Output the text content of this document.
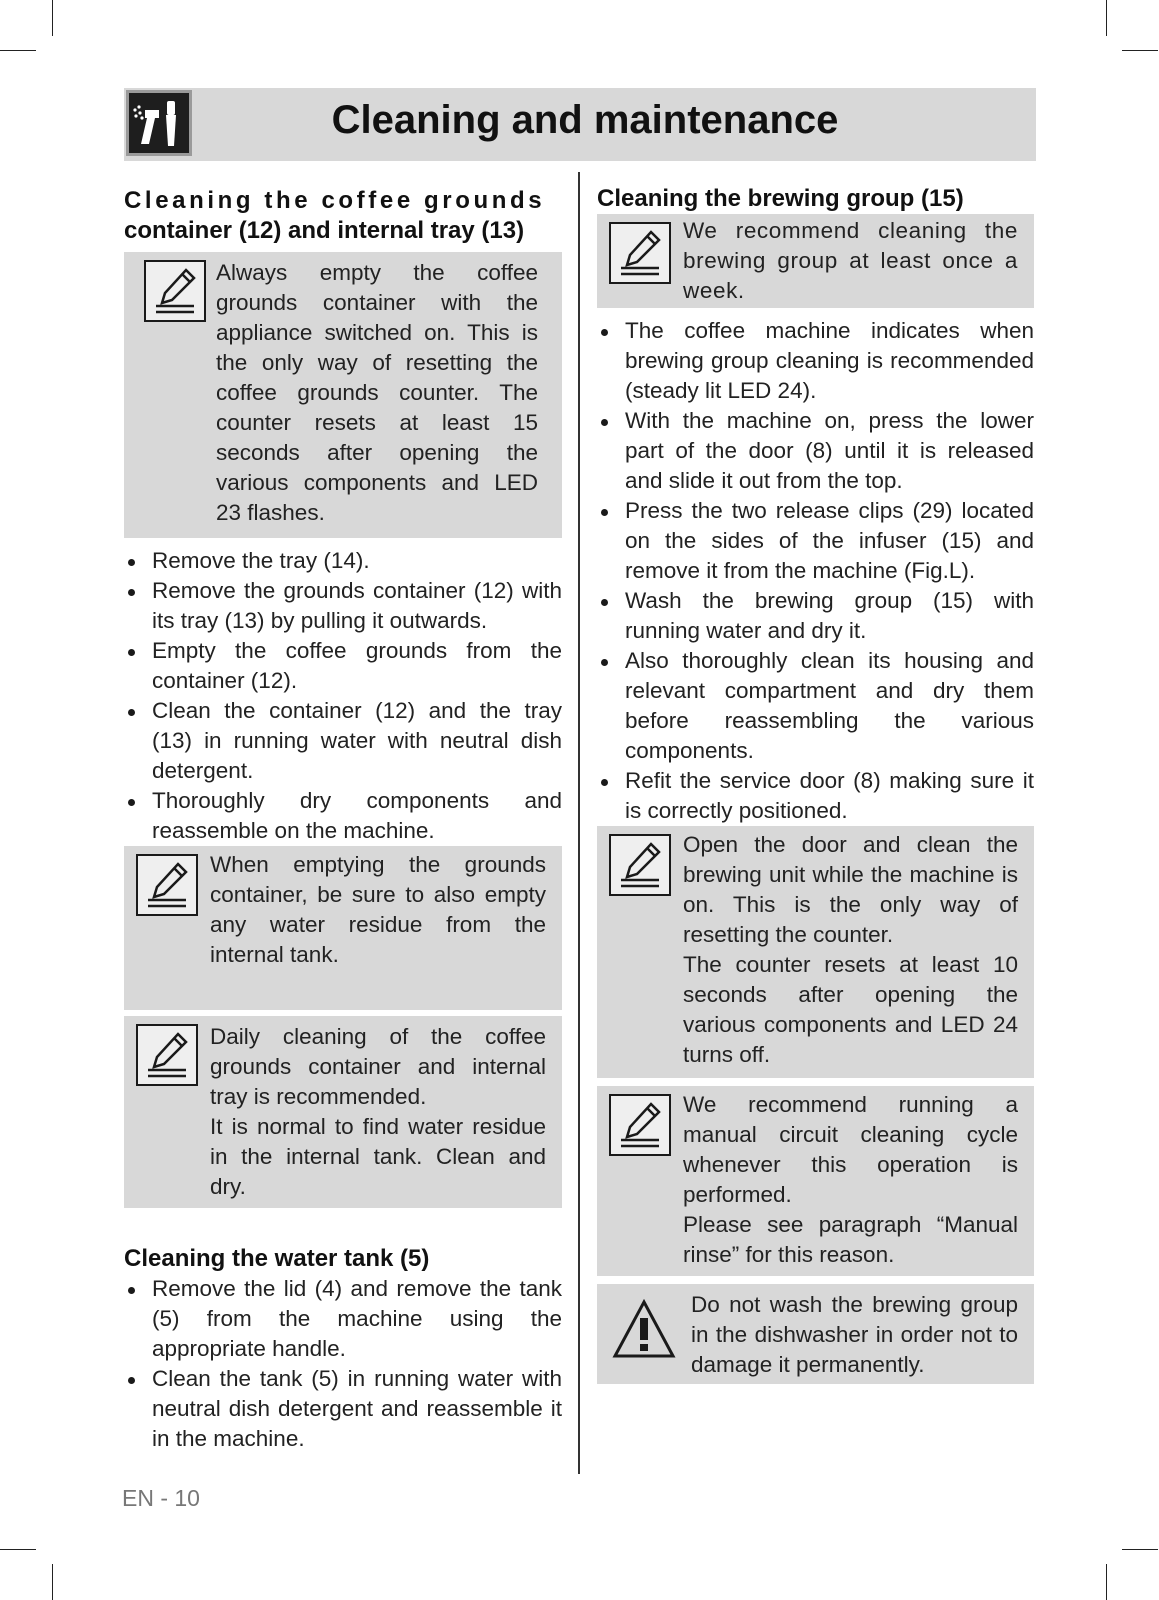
Cleaning and maintenance
Cleaning the coffee grounds
container (12) and internal tray (13)
Always empty the coffee grounds container with the appliance switched on. This is the only way of resetting the coffee grounds counter. The counter resets at least 15 seconds after opening the various components and LED 23 flashes.
Remove the tray (14).
Remove the grounds container (12) with its tray (13) by pulling it outwards.
Empty the coffee grounds from the container (12).
Clean the container (12) and the tray (13) in running water with neutral dish detergent.
Thoroughly dry components and reassemble on the machine.
When emptying the grounds container, be sure to also empty any water residue from the internal tank.

Daily cleaning of the coffee grounds container and internal tray is recommended.

It is normal to find water residue in the internal tank. Clean and dry.

Cleaning the water tank (5)
Remove the lid (4) and remove the tank (5) from the machine using the appropriate handle.
Clean the tank (5) in running water with neutral dish detergent and reassemble it in the machine.
Cleaning the brewing group (15)
We recommend cleaning the brewing group at least once a week.
The coffee machine indicates when brewing group cleaning is recommended (steady lit LED 24).
With the machine on, press the lower part of the door (8) until it is released and slide it out from the top.
Press the two release clips (29) located on the sides of the infuser (15) and remove it from the machine (Fig.L).
Wash the brewing group (15) with running water and dry it.
Also thoroughly clean its housing and relevant compartment and dry them before reassembling the various components.
Refit the service door (8) making sure it is correctly positioned.

Open the door and clean the brewing unit while the machine is on. This is the only way of resetting the counter.

The counter resets at least 10 seconds after opening the various components and LED 24 turns off.

We recommend running a manual circuit cleaning cycle whenever this operation is performed.

Please see paragraph “Manual rinse” for this reason.

Do not wash the brewing group in the dishwasher in order not to damage it permanently.
EN - 10
